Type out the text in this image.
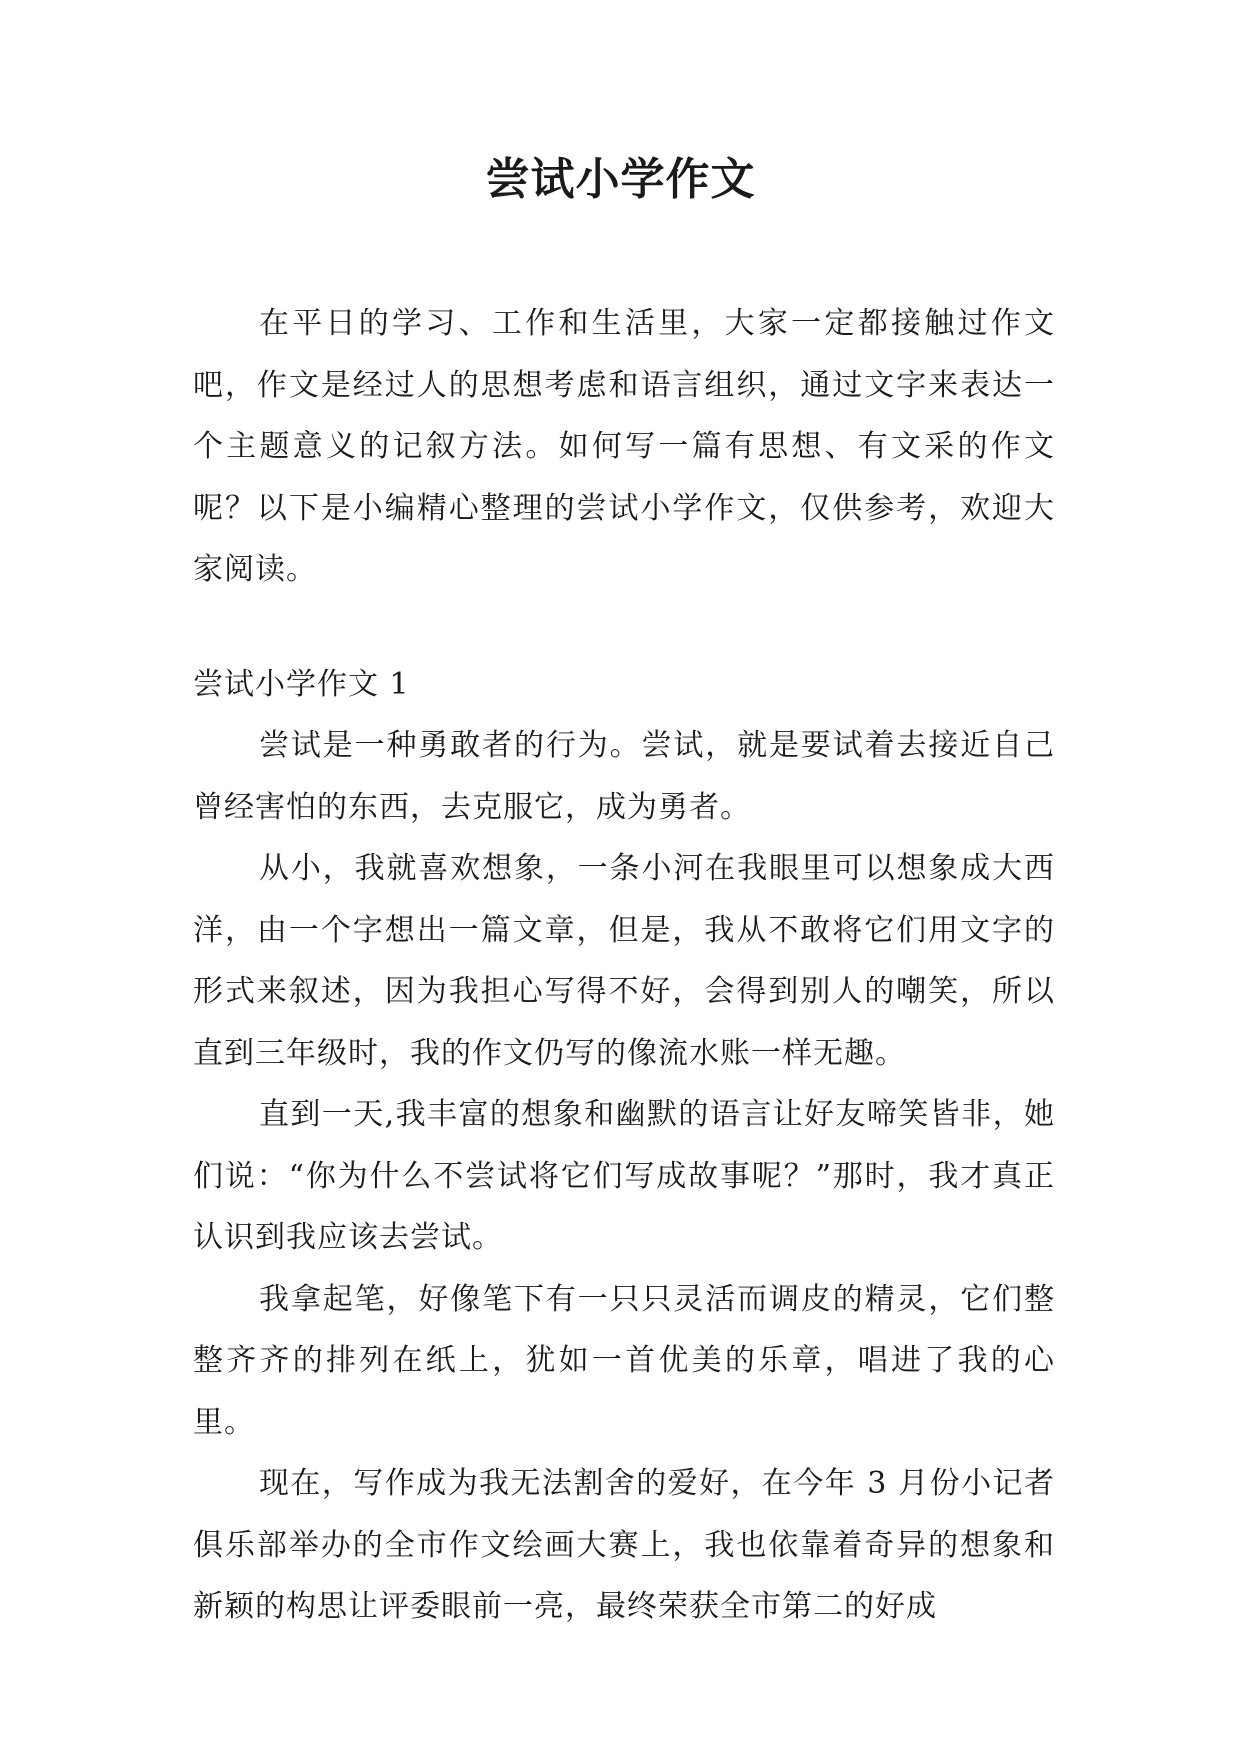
尝试小学作文

在平日的学习、工作和生活里，大家一定都接触过作文吧，作文是经过人的思想考虑和语言组织，通过文字来表达一个主题意义的记叙方法。如何写一篇有思想、有文采的作文呢？以下是小编精心整理的尝试小学作文，仅供参考，欢迎大家阅读。

尝试小学作文 1

尝试是一种勇敢者的行为。尝试，就是要试着去接近自己曾经害怕的东西，去克服它，成为勇者。

从小，我就喜欢想象，一条小河在我眼里可以想象成大西洋，由一个字想出一篇文章，但是，我从不敢将它们用文字的形式来叙述，因为我担心写得不好，会得到别人的嘲笑，所以直到三年级时，我的作文仍写的像流水账一样无趣。

直到一天,我丰富的想象和幽默的语言让好友啼笑皆非，她们说：“你为什么不尝试将它们写成故事呢？”那时，我才真正认识到我应该去尝试。

我拿起笔，好像笔下有一只只灵活而调皮的精灵，它们整整齐齐的排列在纸上，犹如一首优美的乐章，唱进了我的心里。

现在，写作成为我无法割舍的爱好，在今年 3 月份小记者俱乐部举办的全市作文绘画大赛上，我也依靠着奇异的想象和新颖的构思让评委眼前一亮，最终荣获全市第二的好成
